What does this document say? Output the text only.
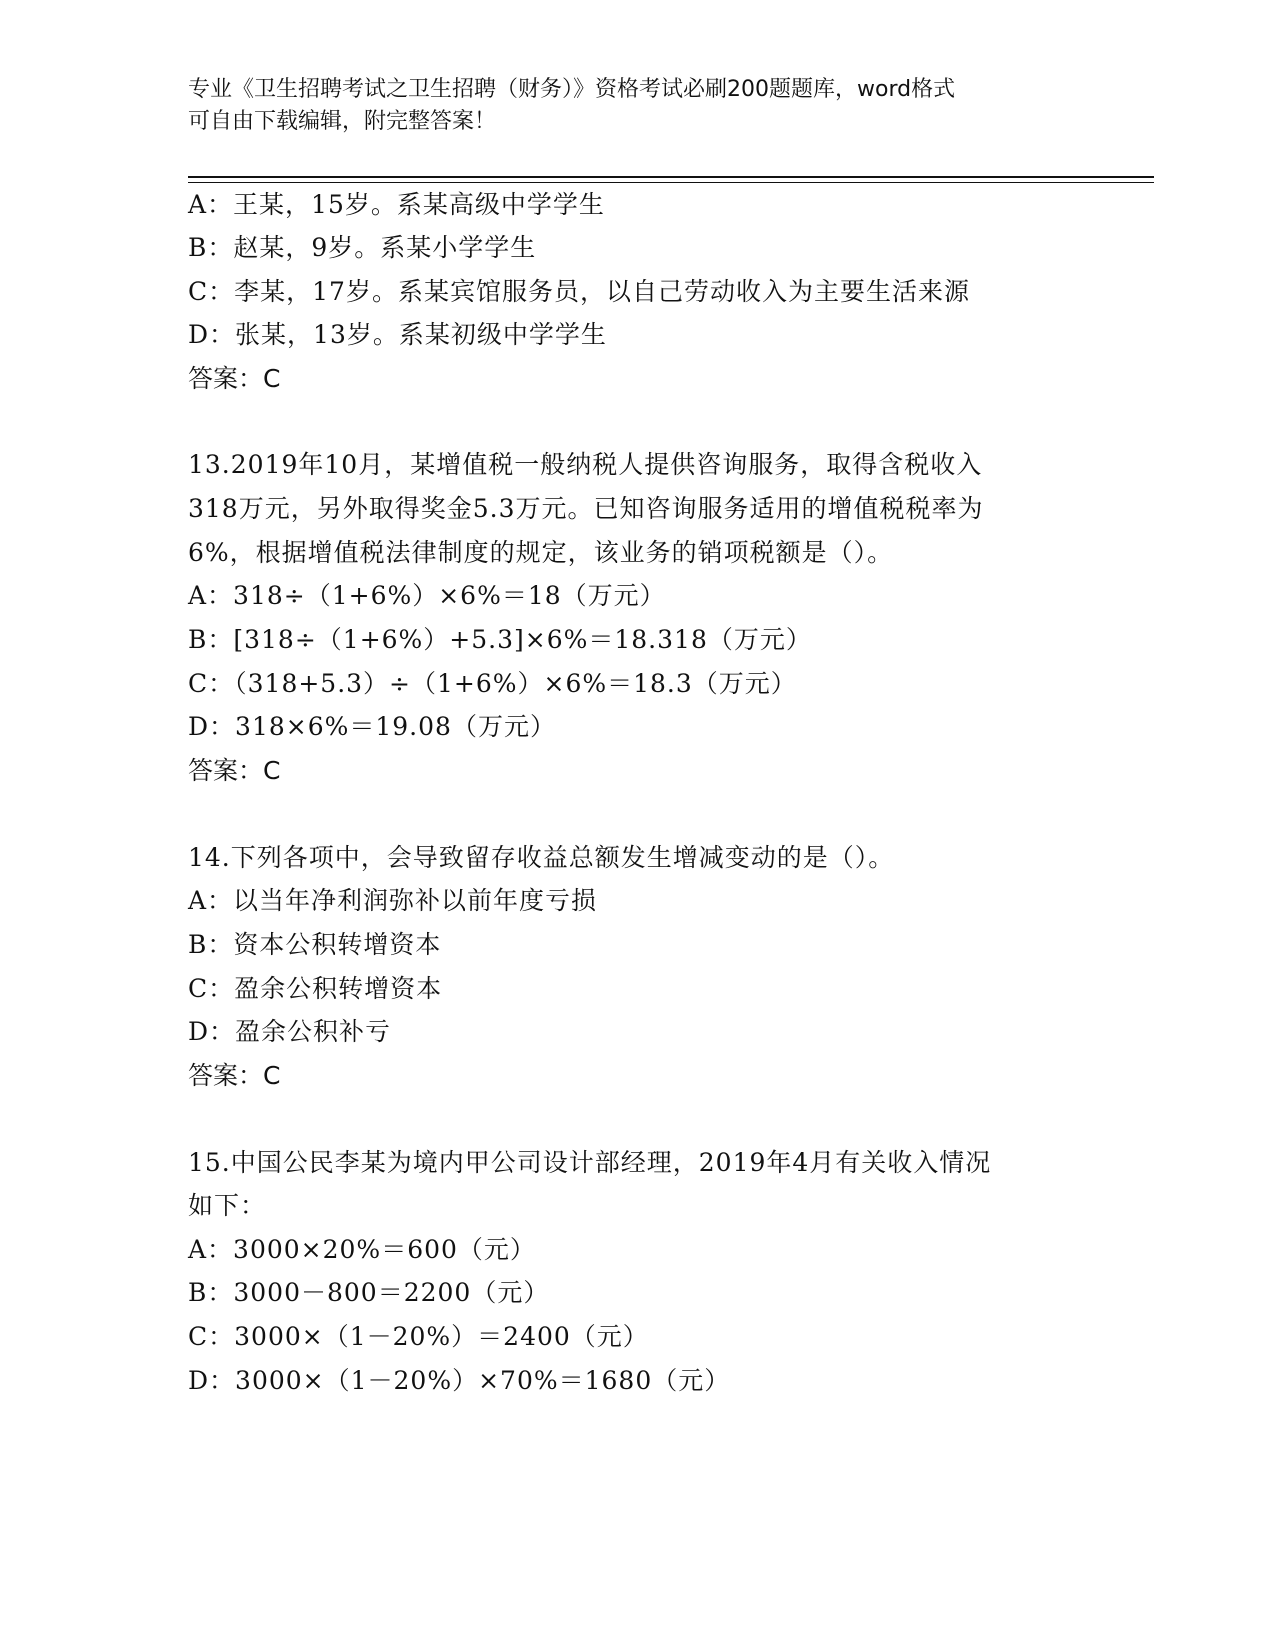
专业《卫生招聘考试之卫生招聘（财务）》资格考试必刷200题题库，word格式
可自由下载编辑，附完整答案！
A：王某，15岁。系某高级中学学生
B：赵某，9岁。系某小学学生
C：李某，17岁。系某宾馆服务员，以自己劳动收入为主要生活来源
D：张某，13岁。系某初级中学学生
答案：C
13.2019年10月，某增值税一般纳税人提供咨询服务，取得含税收入
318万元，另外取得奖金5.3万元。已知咨询服务适用的增值税税率为
6%，根据增值税法律制度的规定，该业务的销项税额是（）。
A：318÷（1+6%）×6%＝18（万元）
B：[318÷（1+6%）+5.3]×6%＝18.318（万元）
C：（318+5.3）÷（1+6%）×6%＝18.3（万元）
D：318×6%＝19.08（万元）
答案：C
14.下列各项中，会导致留存收益总额发生增减变动的是（）。
A：以当年净利润弥补以前年度亏损
B：资本公积转增资本
C：盈余公积转增资本
D：盈余公积补亏
答案：C
15.中国公民李某为境内甲公司设计部经理，2019年4月有关收入情况
如下：
A：3000×20%＝600（元）
B：3000－800＝2200（元）
C：3000×（1－20%）＝2400（元）
D：3000×（1－20%）×70%＝1680（元）
